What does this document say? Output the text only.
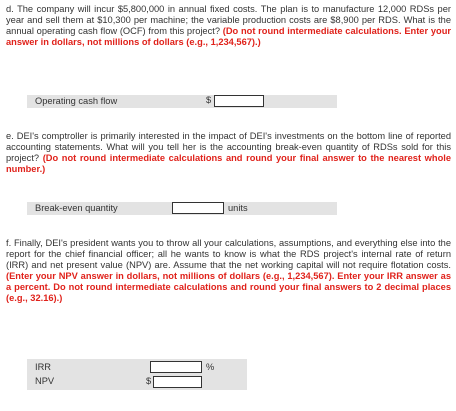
d. The company will incur $5,800,000 in annual fixed costs. The plan is to manufacture 12,000 RDSs per year and sell them at $10,300 per machine; the variable production costs are $8,900 per RDS. What is the annual operating cash flow (OCF) from this project? (Do not round intermediate calculations. Enter your answer in dollars, not millions of dollars (e.g., 1,234,567).)
Operating cash flow	$
e. DEI's comptroller is primarily interested in the impact of DEI's investments on the bottom line of reported accounting statements. What will you tell her is the accounting break-even quantity of RDSs sold for this project? (Do not round intermediate calculations and round your final answer to the nearest whole number.)
Break-even quantity	units
f. Finally, DEI's president wants you to throw all your calculations, assumptions, and everything else into the report for the chief financial officer; all he wants to know is what the RDS project's internal rate of return (IRR) and net present value (NPV) are. Assume that the net working capital will not require flotation costs. (Enter your NPV answer in dollars, not millions of dollars (e.g., 1,234,567). Enter your IRR answer as a percent. Do not round intermediate calculations and round your final answers to 2 decimal places (e.g., 32.16).)
IRR
NPV
%
$
